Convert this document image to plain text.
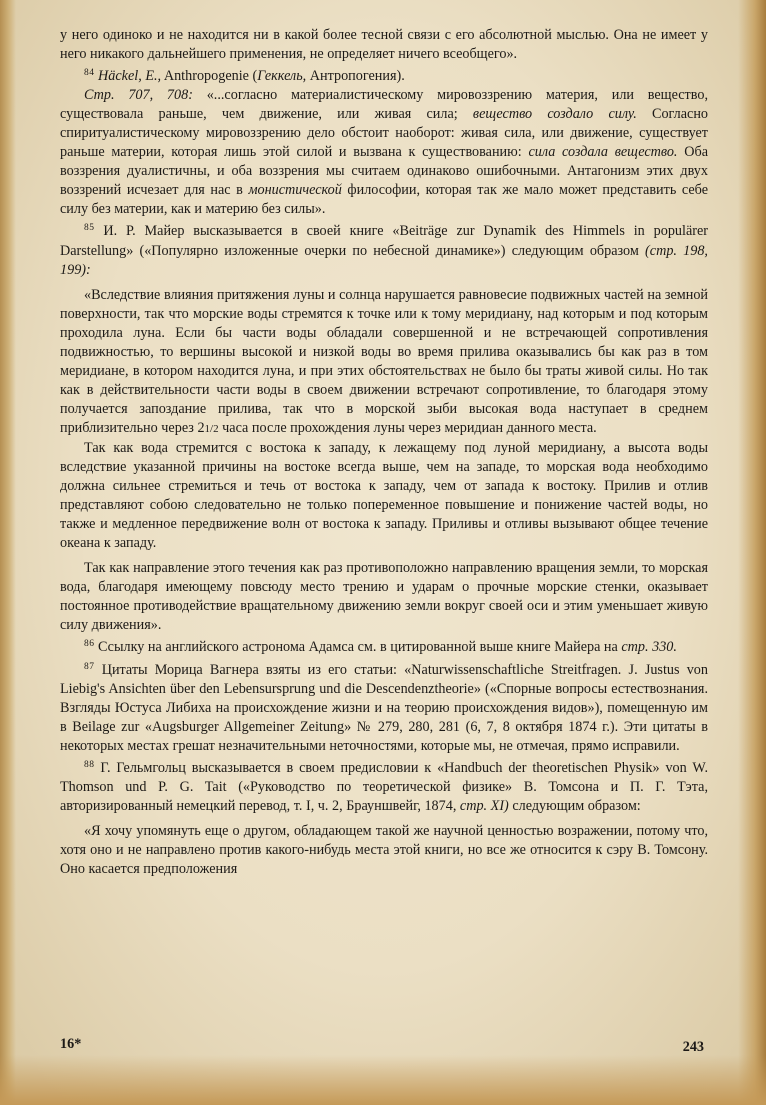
у него одиноко и не находится ни в какой более тесной связи с его абсолютной мыслью. Она не имеет у него никакого дальнейшего применения, не определяет ничего всеобщего».

$^{84}$ Häckel, E., Anthropogenie (Геккель, Антропогения).

Стр. 707, 708: «...согласно материалистическому мировоззрению материя, или вещество, существовала раньше, чем движение, или живая сила; вещество создало силу. Согласно спиритуалистическому мировоззрению дело обстоит наоборот: живая сила, или движение, существует раньше материи, которая лишь этой силой и вызвана к существованию: сила создала вещество. Оба воззрения дуалистичны, и оба воззрения мы считаем одинаково ошибочными. Антагонизм этих двух воззрений исчезает для нас в монистической философии, которая так же мало может представить себе силу без материи, как и материю без силы».

$^{85}$ И. Р. Майер высказывается в своей книге «Beiträge zur Dynamik des Himmels in populärer Darstellung» («Популярно изложенные очерки по небесной динамике») следующим образом (стр. 198, 199):

«Вследствие влияния притяжения луны и солнца нарушается равновесие подвижных частей на земной поверхности, так что морские воды стремятся к точке или к тому меридиану, над которым и под которым проходила луна. Если бы части воды обладали совершенной и не встречающей сопротивления подвижностью, то вершины высокой и низкой воды во время прилива оказывались бы как раз в том меридиане, в котором находится луна, и при этих обстоятельствах не было бы траты живой силы. Но так как в действительности части воды в своем движении встречают сопротивление, то благодаря этому получается запоздание прилива, так что в морской зыби высокая вода наступает в среднем приблизительно через 21/2 часа после прохождения луны через меридиан данного места.

Так как вода стремится с востока к западу, к лежащему под луной меридиану, а высота воды вследствие указанной причины на востоке всегда выше, чем на западе, то морская вода необходимо должна сильнее стремиться и течь от востока к западу, чем от запада к востоку. Прилив и отлив представляют собою следовательно не только попеременное повышение и понижение частей воды, но также и медленное передвижение волн от востока к западу. Приливы и отливы вызывают общее течение океана к западу.

Так как направление этого течения как раз противоположно направлению вращения земли, то морская вода, благодаря имеющему повсюду место трению и ударам о прочные морские стенки, оказывает постоянное противодействие вращательному движению земли вокруг своей оси и этим уменьшает живую силу движения».

$^{86}$ Ссылку на английского астронома Адамса см. в цитированной выше книге Майера на стр. 330.

$^{87}$ Цитаты Морица Вагнера взяты из его статьи: «Naturwissenschaftliche Streitfragen. J. Justus von Liebig's Ansichten über den Lebensursprung und die Descendenztheorie» («Спорные вопросы естествознания. Взгляды Юстуса Либиха на происхождение жизни и на теорию происхождения видов»), помещенную им в Beilage zur «Augsburger Allgemeiner Zeitung» № 279, 280, 281 (6, 7, 8 октября 1874 г.). Эти цитаты в некоторых местах грешат незначительными неточностями, которые мы, не отмечая, прямо исправили.

$^{88}$ Г. Гельмгольц высказывается в своем предисловии к «Handbuch der theoretischen Physik» von W. Thomson und P. G. Tait («Руководство по теоретической физике» В. Томсона и П. Г. Тэта, авторизированный немецкий перевод, т. I, ч. 2, Брауншвейг, 1874, стр. XI) следующим образом:

«Я хочу упомянуть еще о другом, обладающем такой же научной ценностью возражении, потому что, хотя оно и не направлено против какого-нибудь места этой книги, но все же относится к сэру В. Томсону. Оно касается предположения

16*	243
